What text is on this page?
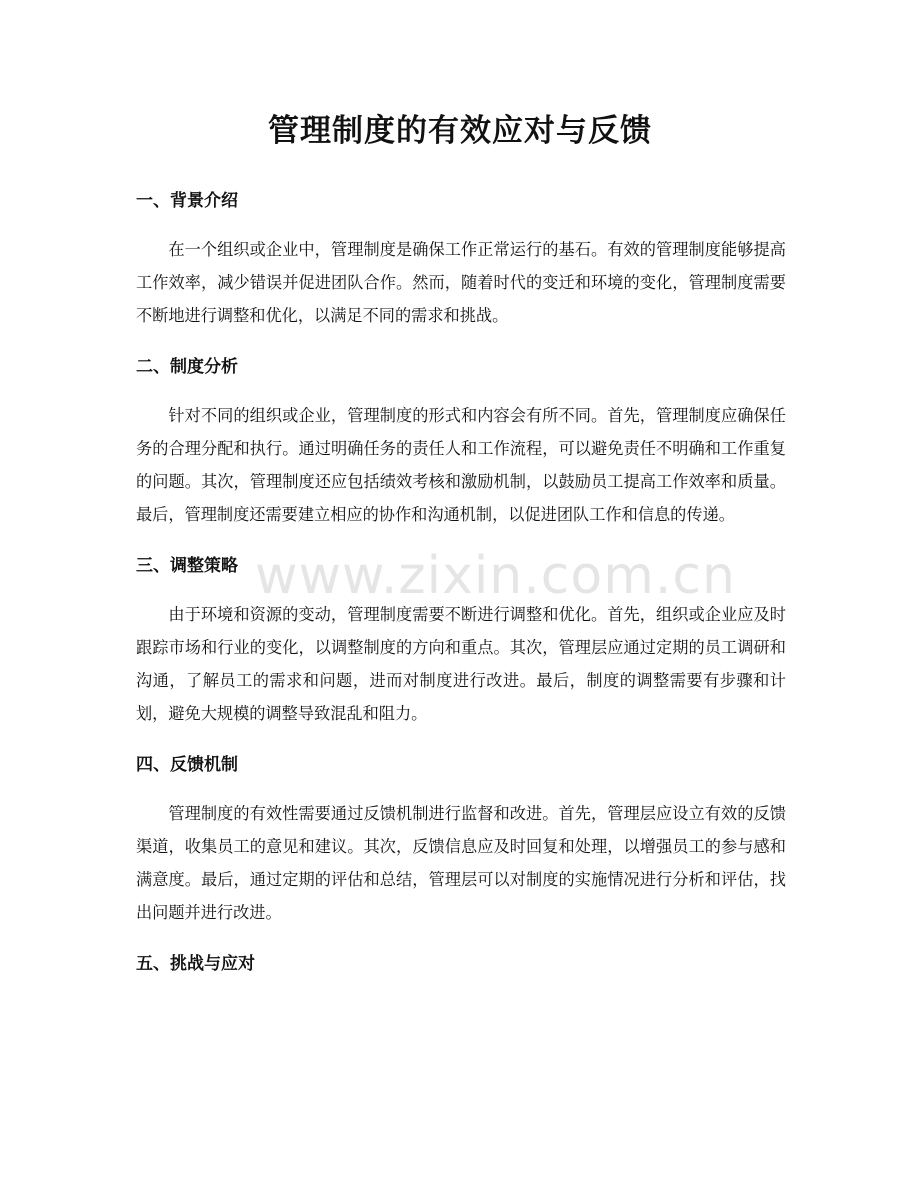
管理制度的有效应对与反馈
一、背景介绍

在一个组织或企业中，管理制度是确保工作正常运行的基石。有效的管理制度能够提高工作效率，减少错误并促进团队合作。然而，随着时代的变迁和环境的变化，管理制度需要不断地进行调整和优化，以满足不同的需求和挑战。

二、制度分析

针对不同的组织或企业，管理制度的形式和内容会有所不同。首先，管理制度应确保任务的合理分配和执行。通过明确任务的责任人和工作流程，可以避免责任不明确和工作重复的问题。其次，管理制度还应包括绩效考核和激励机制，以鼓励员工提高工作效率和质量。最后，管理制度还需要建立相应的协作和沟通机制，以促进团队工作和信息的传递。

三、调整策略

由于环境和资源的变动，管理制度需要不断进行调整和优化。首先，组织或企业应及时跟踪市场和行业的变化，以调整制度的方向和重点。其次，管理层应通过定期的员工调研和沟通，了解员工的需求和问题，进而对制度进行改进。最后，制度的调整需要有步骤和计划，避免大规模的调整导致混乱和阻力。

四、反馈机制

管理制度的有效性需要通过反馈机制进行监督和改进。首先，管理层应设立有效的反馈渠道，收集员工的意见和建议。其次，反馈信息应及时回复和处理，以增强员工的参与感和满意度。最后，通过定期的评估和总结，管理层可以对制度的实施情况进行分析和评估，找出问题并进行改进。

五、挑战与应对
www.zixin.com.cn
